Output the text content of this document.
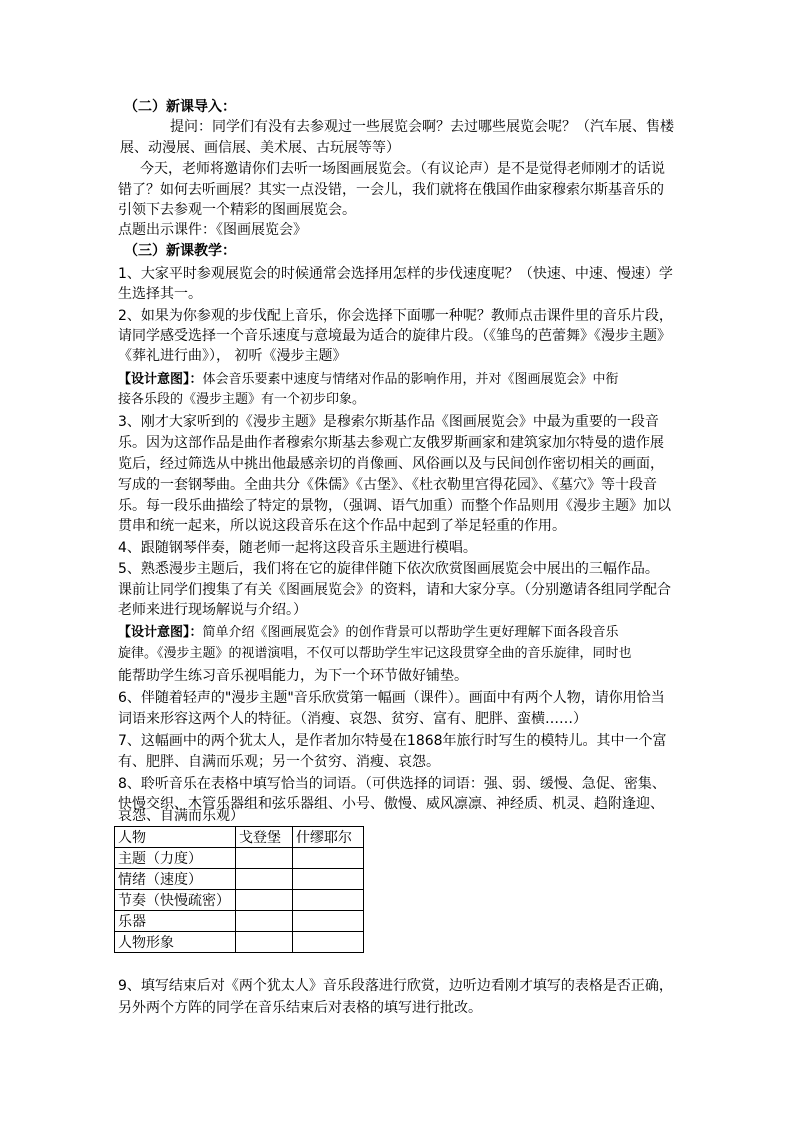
（二）新课导入：
提问：同学们有没有去参观过一些展览会啊？去过哪些展览会呢？（汽车展、售楼
展、动漫展、画信展、美术展、古玩展等等）
今天，老师将邀请你们去听一场图画展览会。（有议论声）是不是觉得老师刚才的话说
错了？如何去听画展？其实一点没错，一会儿，我们就将在俄国作曲家穆索尔斯基音乐的
引领下去参观一个精彩的图画展览会。
点题出示课件：《图画展览会》
（三）新课教学：
1、大家平时参观展览会的时候通常会选择用怎样的步伐速度呢？（快速、中速、慢速）学
生选择其一。
2、如果为你参观的步伐配上音乐，你会选择下面哪一种呢？教师点击课件里的音乐片段，
请同学感受选择一个音乐速度与意境最为适合的旋律片段。（《雏鸟的芭蕾舞》《漫步主题》
《葬礼进行曲》）， 初听《漫步主题》
【设计意图】：体会音乐要素中速度与情绪对作品的影响作用，并对《图画展览会》中衔
接各乐段的《漫步主题》有一个初步印象。
3、刚才大家听到的《漫步主题》是穆索尔斯基作品《图画展览会》中最为重要的一段音
乐。因为这部作品是曲作者穆索尔斯基去参观亡友俄罗斯画家和建筑家加尔特曼的遗作展
览后，经过筛选从中挑出他最感亲切的肖像画、风俗画以及与民间创作密切相关的画面，
写成的一套钢琴曲。全曲共分《侏儒》《古堡》、《杜衣勒里宫得花园》、《墓穴》等十段音
乐。每一段乐曲描绘了特定的景物，（强调、语气加重）而整个作品则用《漫步主题》加以
贯串和统一起来，所以说这段音乐在这个作品中起到了举足轻重的作用。
4、跟随钢琴伴奏，随老师一起将这段音乐主题进行模唱。
5、熟悉漫步主题后，我们将在它的旋律伴随下依次欣赏图画展览会中展出的三幅作品。
课前让同学们搜集了有关《图画展览会》的资料，请和大家分享。（分别邀请各组同学配合
老师来进行现场解说与介绍。）
【设计意图】：简单介绍《图画展览会》的创作背景可以帮助学生更好理解下面各段音乐
旋律。《漫步主题》的视谱演唱，不仅可以帮助学生牢记这段贯穿全曲的音乐旋律，同时也
能帮助学生练习音乐视唱能力，为下一个环节做好铺垫。
6、伴随着轻声的"漫步主题"音乐欣赏第一幅画（课件）。画面中有两个人物，请你用恰当
词语来形容这两个人的特征。（消瘦、哀怨、贫穷、富有、肥胖、蛮横……）
7、这幅画中的两个犹太人，是作者加尔特曼在1868年旅行时写生的模特儿。其中一个富
有、肥胖、自满而乐观；另一个贫穷、消瘦、哀怨。
8、聆听音乐在表格中填写恰当的词语。（可供选择的词语：强、弱、缓慢、急促、密集、
快慢交织、木管乐器组和弦乐器组、小号、傲慢、威风凛凛、神经质、机灵、趋附逢迎、
哀怨、自满而乐观）
人物	戈登堡	什缪耶尔
主题（力度）		
情绪（速度）		
节奏（快慢疏密）		
乐器		
人物形象		
9、填写结束后对《两个犹太人》音乐段落进行欣赏，边听边看刚才填写的表格是否正确，
另外两个方阵的同学在音乐结束后对表格的填写进行批改。
